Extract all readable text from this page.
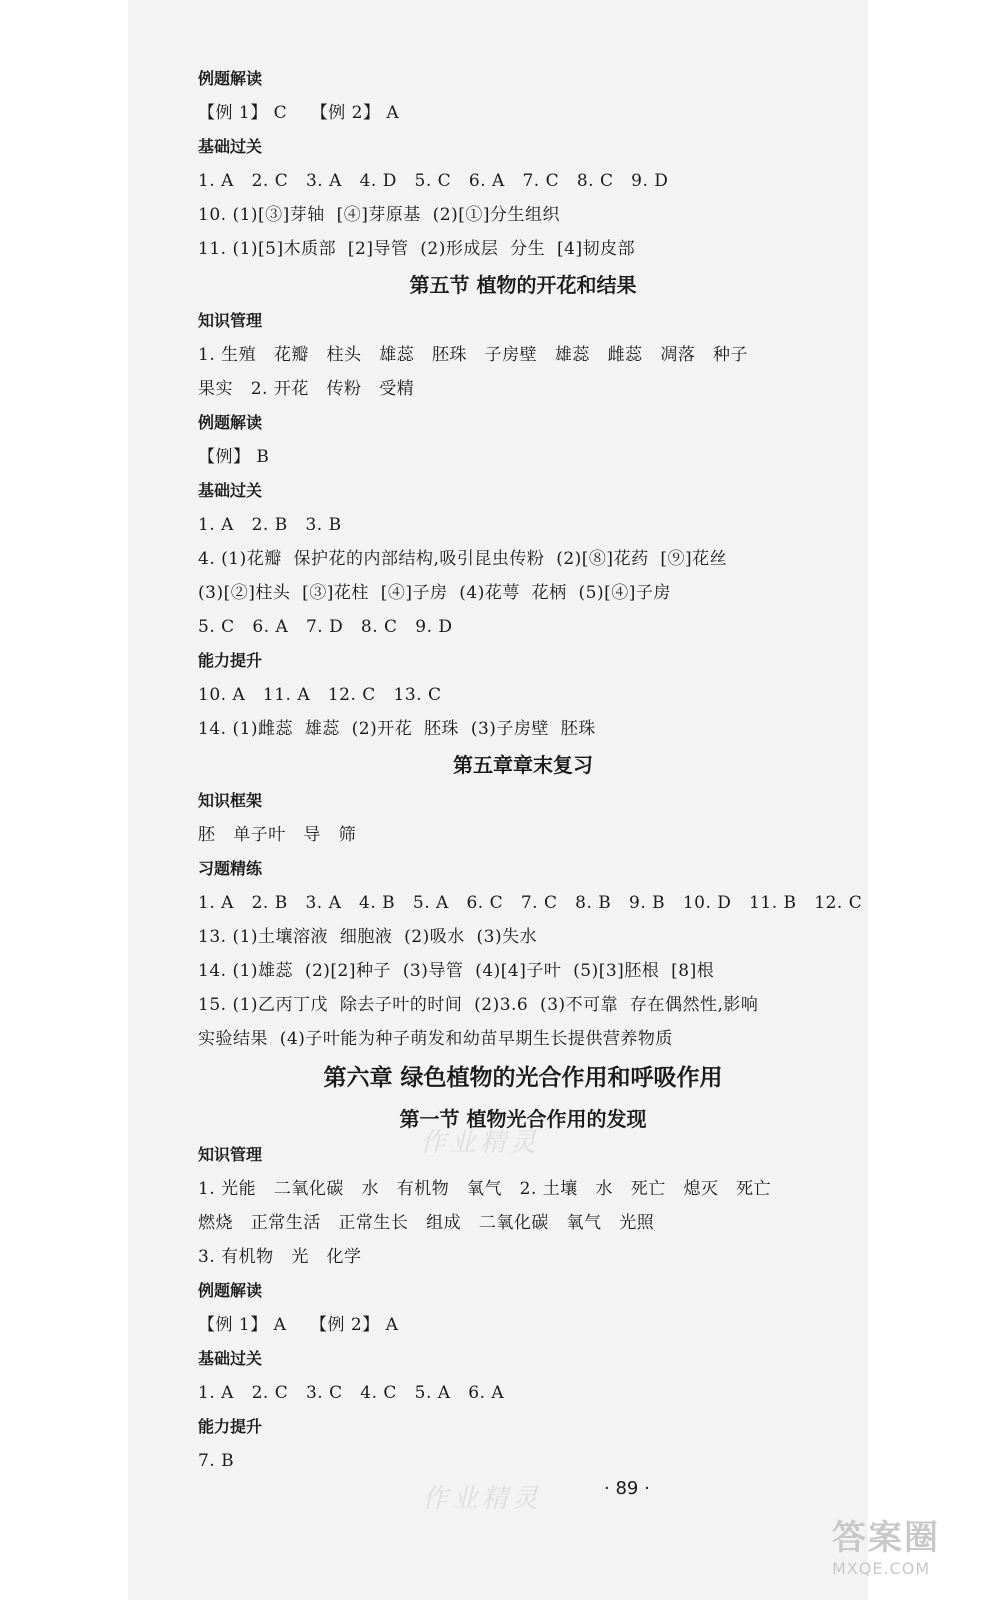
例题解读
【例 1】 C    【例 2】 A
基础过关
1. A   2. C   3. A   4. D   5. C   6. A   7. C   8. C   9. D
10. (1)[③]芽轴  [④]芽原基  (2)[①]分生组织
11. (1)[5]木质部  [2]导管  (2)形成层  分生  [4]韧皮部
第五节 植物的开花和结果
知识管理
1. 生殖   花瓣   柱头   雄蕊   胚珠   子房壁   雄蕊   雌蕊   凋落   种子
果实   2. 开花   传粉   受精
例题解读
【例】 B
基础过关
1. A   2. B   3. B
4. (1)花瓣  保护花的内部结构,吸引昆虫传粉  (2)[⑧]花药  [⑨]花丝
(3)[②]柱头  [③]花柱  [④]子房  (4)花萼  花柄  (5)[④]子房
5. C   6. A   7. D   8. C   9. D
能力提升
10. A   11. A   12. C   13. C
14. (1)雌蕊  雄蕊  (2)开花  胚珠  (3)子房壁  胚珠
第五章章末复习
知识框架
胚   单子叶   导   筛
习题精练
1. A   2. B   3. A   4. B   5. A   6. C   7. C   8. B   9. B   10. D   11. B   12. C
13. (1)土壤溶液  细胞液  (2)吸水  (3)失水
14. (1)雄蕊  (2)[2]种子  (3)导管  (4)[4]子叶  (5)[3]胚根  [8]根
15. (1)乙丙丁戊  除去子叶的时间  (2)3.6  (3)不可靠  存在偶然性,影响
实验结果  (4)子叶能为种子萌发和幼苗早期生长提供营养物质
第六章 绿色植物的光合作用和呼吸作用
第一节 植物光合作用的发现
知识管理
1. 光能   二氧化碳   水   有机物   氧气   2. 土壤   水   死亡   熄灭   死亡
燃烧   正常生活   正常生长   组成   二氧化碳   氧气   光照
3. 有机物   光   化学
例题解读
【例 1】 A    【例 2】 A
基础过关
1. A   2. C   3. C   4. C   5. A   6. A
能力提升
7. B
· 89 ·
作业精灵
作业精灵
答案圈
MXQE.COM
